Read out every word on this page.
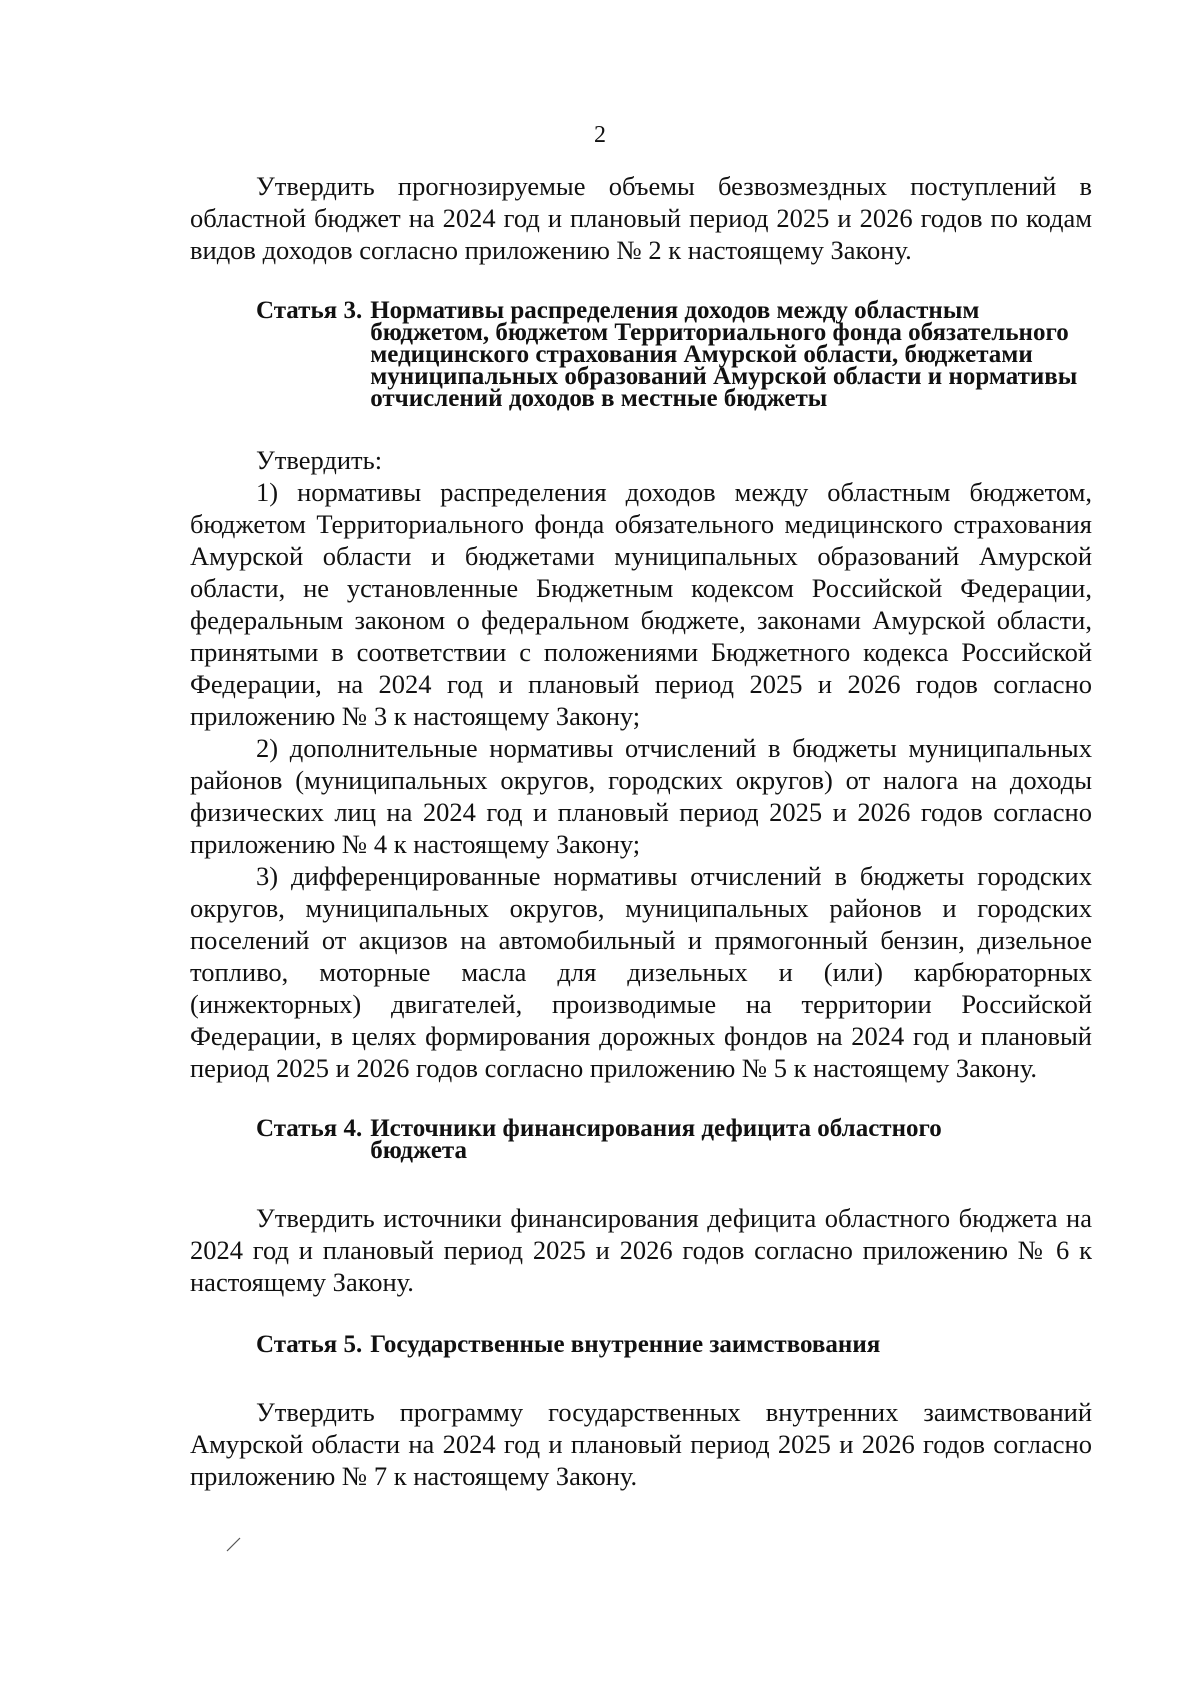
2

Утвердить прогнозируемые объемы безвозмездных поступлений в областной бюджет на 2024 год и плановый период 2025 и 2026 годов по кодам видов доходов согласно приложению № 2 к настоящему Закону.

Статья 3. Нормативы распределения доходов между областным бюджетом, бюджетом Территориального фонда обязательного медицинского страхования Амурской области, бюджетами муниципальных образований Амурской области и нормативы отчислений доходов в местные бюджеты

Утвердить:

1) нормативы распределения доходов между областным бюджетом, бюджетом Территориального фонда обязательного медицинского страхования Амурской области и бюджетами муниципальных образований Амурской области, не установленные Бюджетным кодексом Российской Федерации, федеральным законом о федеральном бюджете, законами Амурской области, принятыми в соответствии с положениями Бюджетного кодекса Российской Федерации, на 2024 год и плановый период 2025 и 2026 годов согласно приложению № 3 к настоящему Закону;

2) дополнительные нормативы отчислений в бюджеты муниципальных районов (муниципальных округов, городских округов) от налога на доходы физических лиц на 2024 год и плановый период 2025 и 2026 годов согласно приложению № 4 к настоящему Закону;

3) дифференцированные нормативы отчислений в бюджеты городских округов, муниципальных округов, муниципальных районов и городских поселений от акцизов на автомобильный и прямогонный бензин, дизельное топливо, моторные масла для дизельных и (или) карбюраторных (инжекторных) двигателей, производимые на территории Российской Федерации, в целях формирования дорожных фондов на 2024 год и плановый период 2025 и 2026 годов согласно приложению № 5 к настоящему Закону.

Статья 4. Источники финансирования дефицита областного бюджета

Утвердить источники финансирования дефицита областного бюджета на 2024 год и плановый период 2025 и 2026 годов согласно приложению № 6 к настоящему Закону.

Статья 5. Государственные внутренние заимствования

Утвердить программу государственных внутренних заимствований Амурской области на 2024 год и плановый период 2025 и 2026 годов согласно приложению № 7 к настоящему Закону.
